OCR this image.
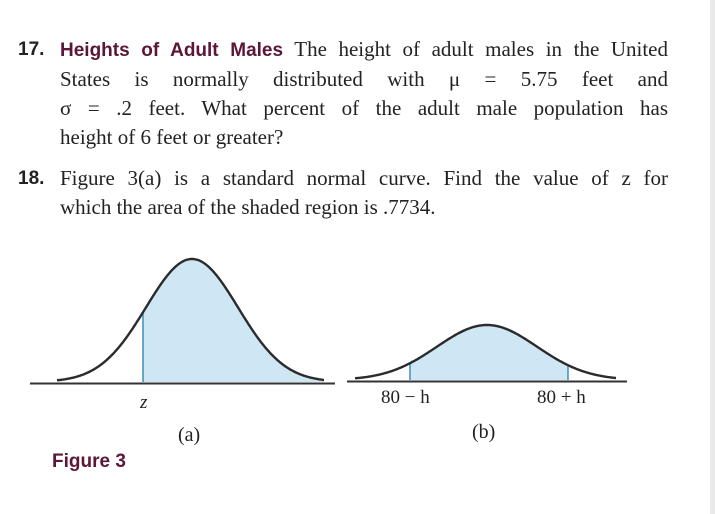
17. Heights of Adult Males The height of adult males in the United
States is normally distributed with μ = 5.75 feet and
σ = .2 feet. What percent of the adult male population has
height of 6 feet or greater?
18. Figure 3(a) is a standard normal curve. Find the value of z for
which the area of the shaded region is .7734.
z
(a)
80 − h	80 + h
(b)
Figure 3
